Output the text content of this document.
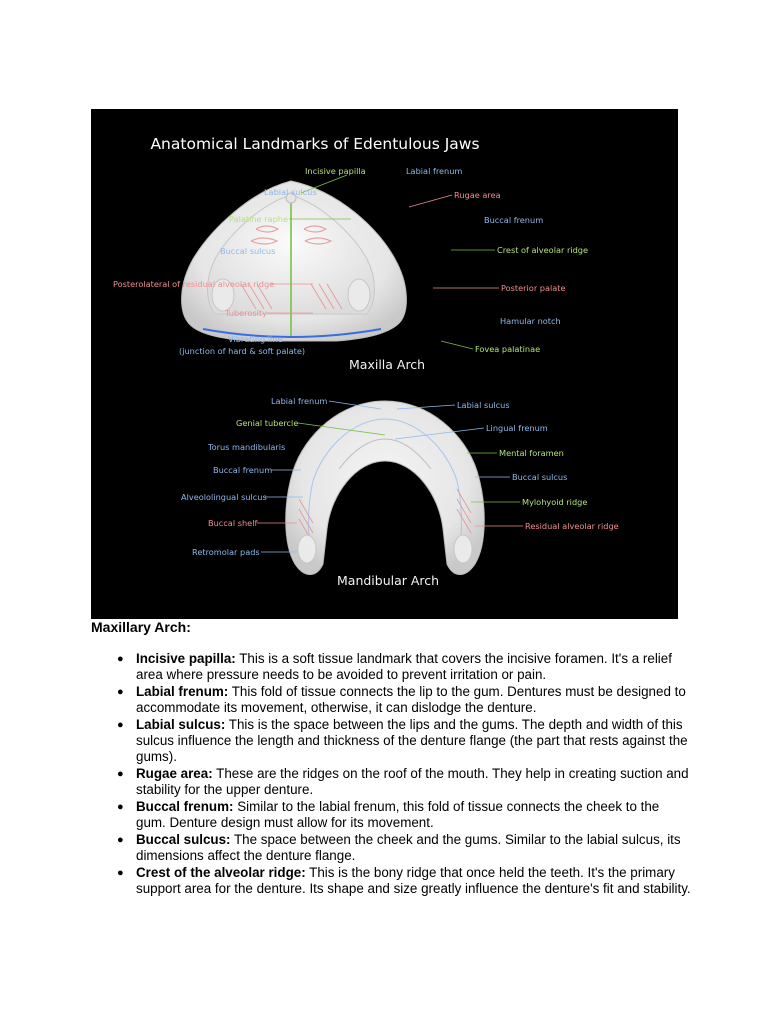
Anatomical Landmarks of Edentulous Jaws
Incisive papilla	Labial frenum
Labial sulcus	Rugae area
Palatine raphe	Buccal frenum
Buccal sulcus	Crest of alveolar ridge
Posterolateral of residual alveolar ridge	Posterior palate
Tuberosity
Hamular notch
Vibrating line
(junction of hard & soft palate)	Fovea palatinae
Maxilla Arch
Labial frenum	Labial sulcus
Genial tubercle	Lingual frenum
Torus mandibularis
Mental foramen
Buccal frenum
Buccal sulcus
Alveololingual sulcus	Mylohyoid ridge
Buccal shelf	Residual alveolar ridge
Retromolar pads
Mandibular Arch
Maxillary Arch:
● Incisive papilla: This is a soft tissue landmark that covers the incisive foramen. It's a relief area where pressure needs to be avoided to prevent irritation or pain.
● Labial frenum: This fold of tissue connects the lip to the gum. Dentures must be designed to accommodate its movement, otherwise, it can dislodge the denture.
● Labial sulcus: This is the space between the lips and the gums. The depth and width of this sulcus influence the length and thickness of the denture flange (the part that rests against the gums).
● Rugae area: These are the ridges on the roof of the mouth. They help in creating suction and stability for the upper denture.
● Buccal frenum: Similar to the labial frenum, this fold of tissue connects the cheek to the gum. Denture design must allow for its movement.
● Buccal sulcus: The space between the cheek and the gums. Similar to the labial sulcus, its dimensions affect the denture flange.
● Crest of the alveolar ridge: This is the bony ridge that once held the teeth. It's the primary support area for the denture. Its shape and size greatly influence the denture's fit and stability.
